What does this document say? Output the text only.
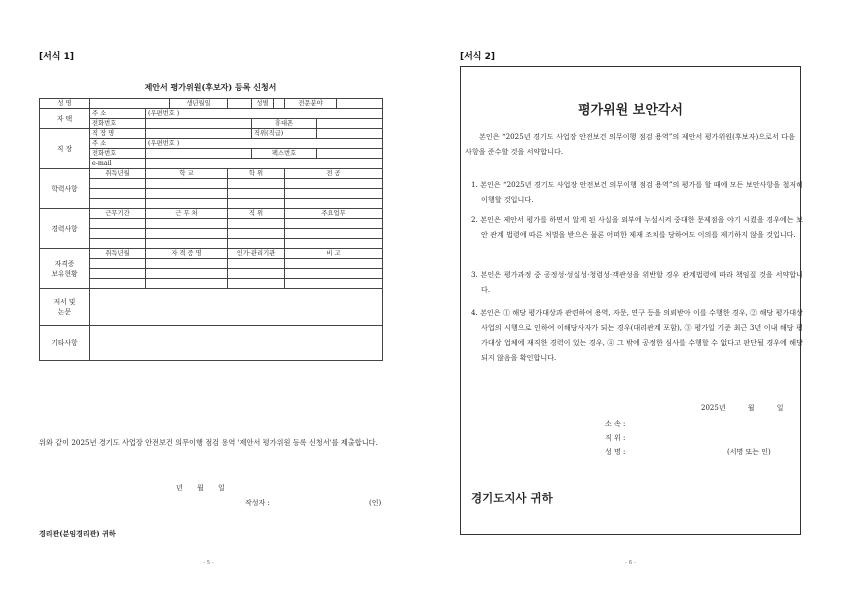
[서식 1]
제안서 평가위원(후보자) 등록 신청서
성 명			생년월일		성별		전문분야		
자 택	주 소	(우편번호 )							
	전화번호				휴대폰				
직 장	직 장 명				직위(직급)				
	주 소	(우편번호 )							
	전화번호				팩스번호				
	e-mail								
학력사항	취득년월	학 교		학 위			전 공		

경력사항	근무기간	근 무 처		직 위			주요업무		

자격증
보유현황	취득년월	자 격 증 명		인가·관리기관			비 고		

저서 및
논문									
기타사항									
위와 같이 2025년 경기도 사업장 안전보건 의무이행 점검 용역 '제안서 평가위원 등록 신청서'를 제출합니다.
년 월 일
작성자 :	(인)
경리관(분임경리관) 귀하
- 5 -
[서식 2]
평가위원 보안각서
본인은 “2025년 경기도 사업장 안전보건 의무이행 점검 용역”의 제안서 평가위원(후보자)으로서 다음 사항을 준수할 것을 서약합니다.
1. 본인은 “2025년 경기도 사업장 안전보건 의무이행 점검 용역”의 평가를 할 때에 모든 보안사항을 철저히 이행할 것입니다.
2. 본인은 제안서 평가를 하면서 알게 된 사실을 외부에 누설시켜 중대한 문제점을 야기 시켰을 경우에는 보안 관계 법령에 따른 처벌을 받으은 물론 어떠한 제재 조치를 당하여도 이의를 제기하지 않을 것입니다.
3. 본인은 평가과정 중 공정성·성실성·청렴성·객관성을 위반할 경우 관계법령에 따라 책임질 것을 서약합니다.
4. 본인은 ① 해당 평가대상과 관련하여 용역, 자문, 연구 등을 의뢰받아 이를 수행한 경우, ② 해당 평가대상 사업의 시행으로 인하여 이해당사자가 되는 경우(대리관계 포함), ③ 평가일 기준 최근 3년 이내 해당 평가대상 업체에 재직한 경력이 있는 경우, ④ 그 밖에 공정한 심사를 수행할 수 없다고 판단될 경우에 해당되지 않음을 확인합니다.
2025년 월 일
소 속 :
직 위 :
성 명 :	(서명 또는 인)
경기도지사 귀하
- 6 -
